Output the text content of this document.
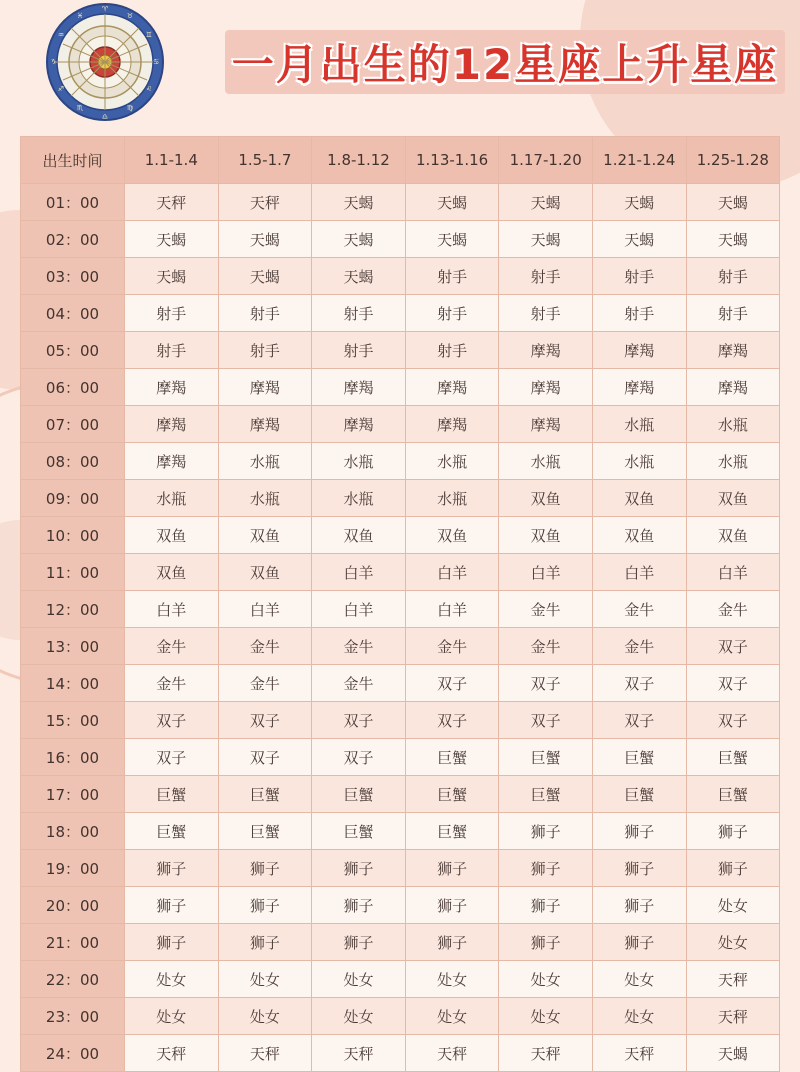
♈
♉
♊
♋
♌
♍
♎
♏
♐
♑
♒
♓
一月出生的12星座上升星座
出生时间	1.1-1.4	1.5-1.7	1.8-1.12	1.13-1.16	1.17-1.20	1.21-1.24	1.25-1.28
01：00	天秤	天秤	天蝎	天蝎	天蝎	天蝎	天蝎
02：00	天蝎	天蝎	天蝎	天蝎	天蝎	天蝎	天蝎
03：00	天蝎	天蝎	天蝎	射手	射手	射手	射手
04：00	射手	射手	射手	射手	射手	射手	射手
05：00	射手	射手	射手	射手	摩羯	摩羯	摩羯
06：00	摩羯	摩羯	摩羯	摩羯	摩羯	摩羯	摩羯
07：00	摩羯	摩羯	摩羯	摩羯	摩羯	水瓶	水瓶
08：00	摩羯	水瓶	水瓶	水瓶	水瓶	水瓶	水瓶
09：00	水瓶	水瓶	水瓶	水瓶	双鱼	双鱼	双鱼
10：00	双鱼	双鱼	双鱼	双鱼	双鱼	双鱼	双鱼
11：00	双鱼	双鱼	白羊	白羊	白羊	白羊	白羊
12：00	白羊	白羊	白羊	白羊	金牛	金牛	金牛
13：00	金牛	金牛	金牛	金牛	金牛	金牛	双子
14：00	金牛	金牛	金牛	双子	双子	双子	双子
15：00	双子	双子	双子	双子	双子	双子	双子
16：00	双子	双子	双子	巨蟹	巨蟹	巨蟹	巨蟹
17：00	巨蟹	巨蟹	巨蟹	巨蟹	巨蟹	巨蟹	巨蟹
18：00	巨蟹	巨蟹	巨蟹	巨蟹	狮子	狮子	狮子
19：00	狮子	狮子	狮子	狮子	狮子	狮子	狮子
20：00	狮子	狮子	狮子	狮子	狮子	狮子	处女
21：00	狮子	狮子	狮子	狮子	狮子	狮子	处女
22：00	处女	处女	处女	处女	处女	处女	天秤
23：00	处女	处女	处女	处女	处女	处女	天秤
24：00	天秤	天秤	天秤	天秤	天秤	天秤	天蝎
